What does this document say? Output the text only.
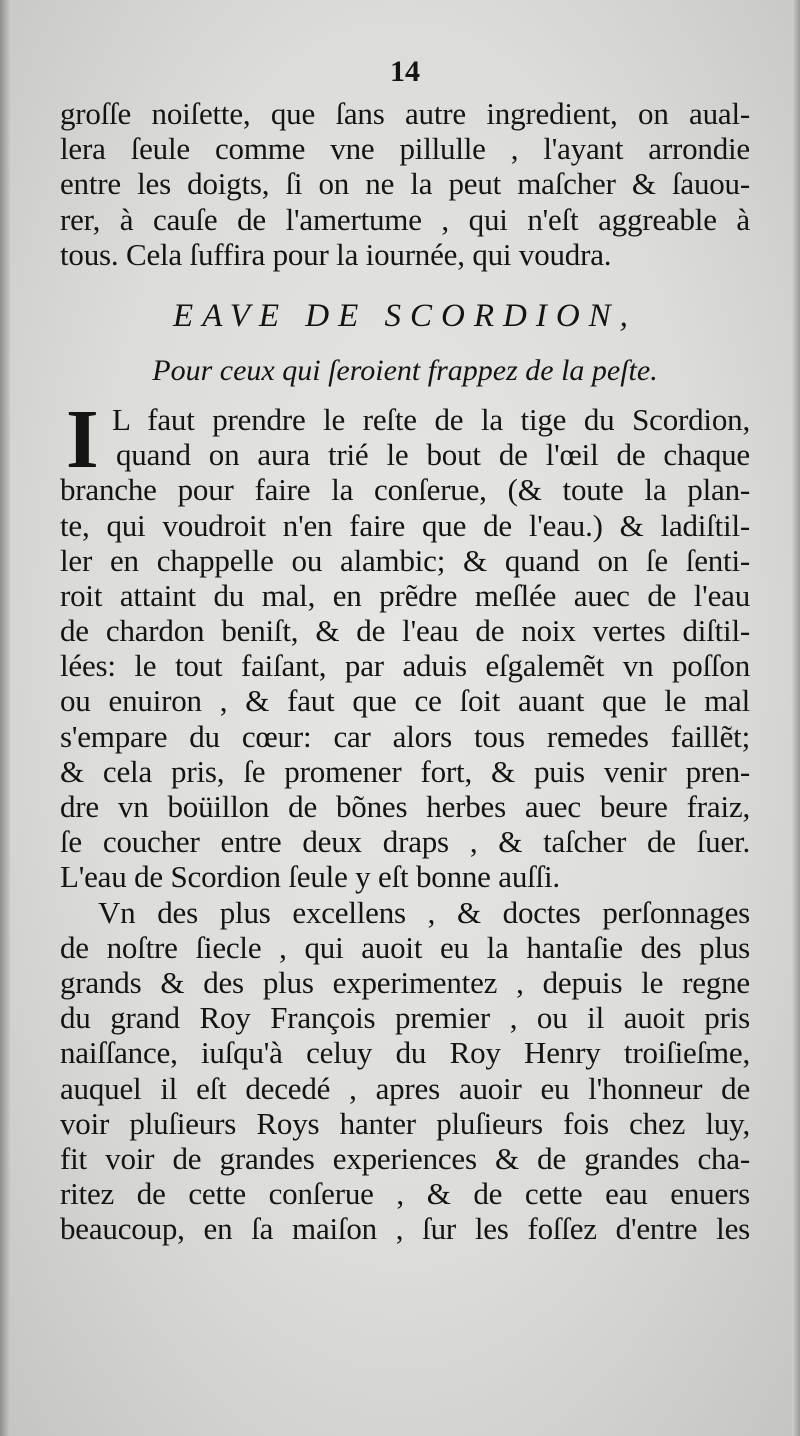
14
groſſe noiſette, que ſans autre ingredient, on aual-
lera ſeule comme vne pillulle , l'ayant arrondie
entre les doigts, ſi on ne la peut maſcher & ſauou-
rer, à cauſe de l'amertume , qui n'eſt aggreable à
tous. Cela ſuffira pour la iournée, qui voudra.
EAVE DE SCORDION,
Pour ceux qui ſeroient frappez de la peſte.
I L faut prendre le reſte de la tige du Scordion,
quand on aura trié le bout de l'œil de chaque
branche pour faire la conſerue, (& toute la plan-
te, qui voudroit n'en faire que de l'eau.) & ladiſtil-
ler en chappelle ou alambic; & quand on ſe ſenti-
roit attaint du mal, en prẽdre meſlée auec de l'eau
de chardon beniſt, & de l'eau de noix vertes diſtil-
lées: le tout faiſant, par aduis eſgalemẽt vn poſſon
ou enuiron , & faut que ce ſoit auant que le mal
s'empare du cœur: car alors tous remedes faillẽt;
& cela pris, ſe promener fort, & puis venir pren-
dre vn boüillon de bõnes herbes auec beure fraiz,
ſe coucher entre deux draps , & taſcher de ſuer.
L'eau de Scordion ſeule y eſt bonne auſſi.
Vn des plus excellens , & doctes perſonnages
de noſtre ſiecle , qui auoit eu la hantaſie des plus
grands & des plus experimentez , depuis le regne
du grand Roy François premier , ou il auoit pris
naiſſance, iuſqu'à celuy du Roy Henry troiſieſme,
auquel il eſt decedé , apres auoir eu l'honneur de
voir pluſieurs Roys hanter pluſieurs fois chez luy,
fit voir de grandes experiences & de grandes cha-
ritez de cette conſerue , & de cette eau enuers
beaucoup, en ſa maiſon , ſur les foſſez d'entre les
